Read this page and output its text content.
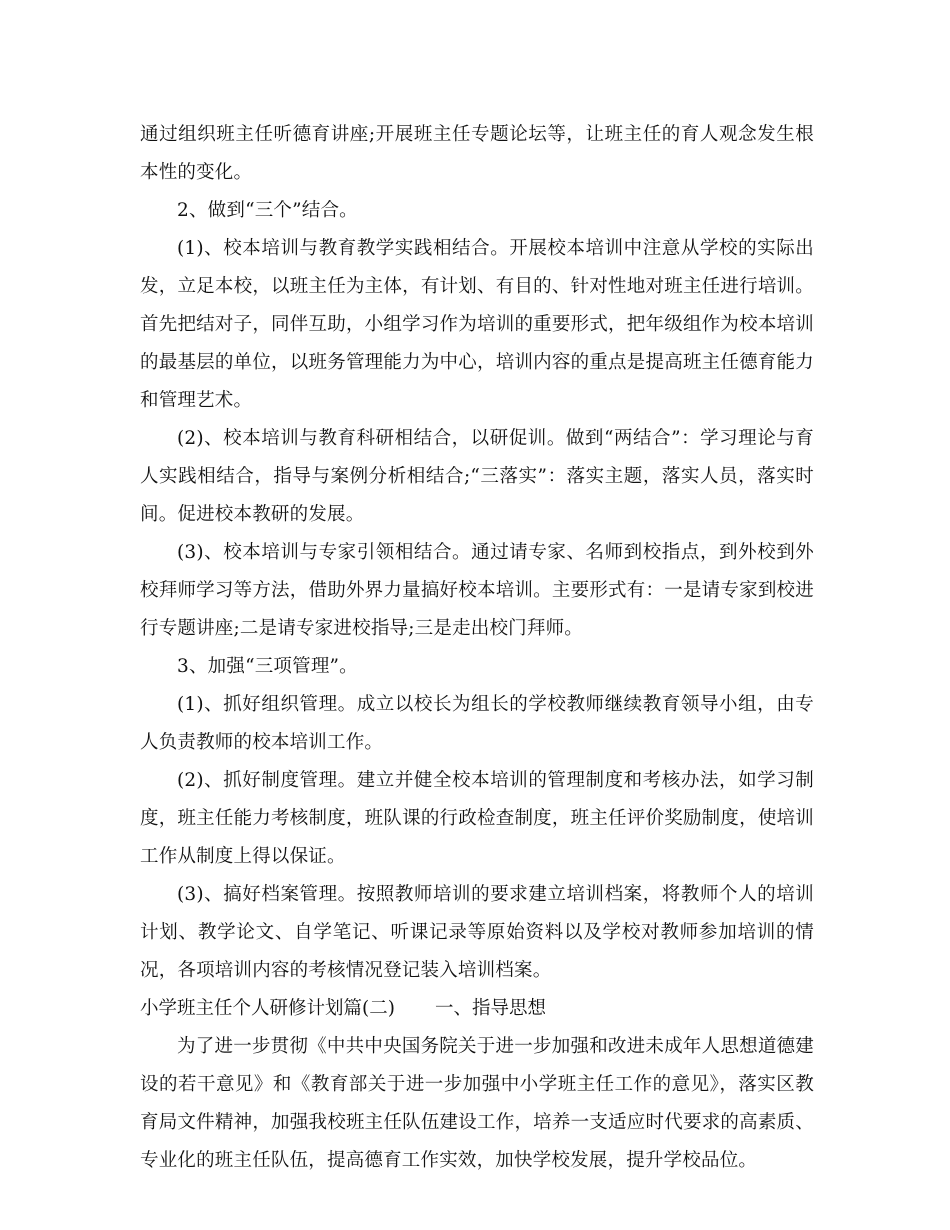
通过组织班主任听德育讲座;开展班主任专题论坛等，让班主任的育人观念发生根本性的变化。

2、做到“三个”结合。

(1)、校本培训与教育教学实践相结合。开展校本培训中注意从学校的实际出发，立足本校，以班主任为主体，有计划、有目的、针对性地对班主任进行培训。首先把结对子，同伴互助，小组学习作为培训的重要形式，把年级组作为校本培训的最基层的单位，以班务管理能力为中心，培训内容的重点是提高班主任德育能力和管理艺术。

(2)、校本培训与教育科研相结合，以研促训。做到“两结合”：学习理论与育人实践相结合，指导与案例分析相结合;“三落实”：落实主题，落实人员，落实时间。促进校本教研的发展。

(3)、校本培训与专家引领相结合。通过请专家、名师到校指点，到外校到外校拜师学习等方法，借助外界力量搞好校本培训。主要形式有：一是请专家到校进行专题讲座;二是请专家进校指导;三是走出校门拜师。

3、加强“三项管理”。

(1)、抓好组织管理。成立以校长为组长的学校教师继续教育领导小组，由专人负责教师的校本培训工作。

(2)、抓好制度管理。建立并健全校本培训的管理制度和考核办法，如学习制度，班主任能力考核制度，班队课的行政检查制度，班主任评价奖励制度，使培训工作从制度上得以保证。

(3)、搞好档案管理。按照教师培训的要求建立培训档案，将教师个人的培训计划、教学论文、自学笔记、听课记录等原始资料以及学校对教师参加培训的情况，各项培训内容的考核情况登记装入培训档案。

小学班主任个人研修计划篇(二) 一、指导思想

为了进一步贯彻《中共中央国务院关于进一步加强和改进未成年人思想道德建设的若干意见》和《教育部关于进一步加强中小学班主任工作的意见》，落实区教育局文件精神，加强我校班主任队伍建设工作，培养一支适应时代要求的高素质、专业化的班主任队伍，提高德育工作实效，加快学校发展，提升学校品位。
